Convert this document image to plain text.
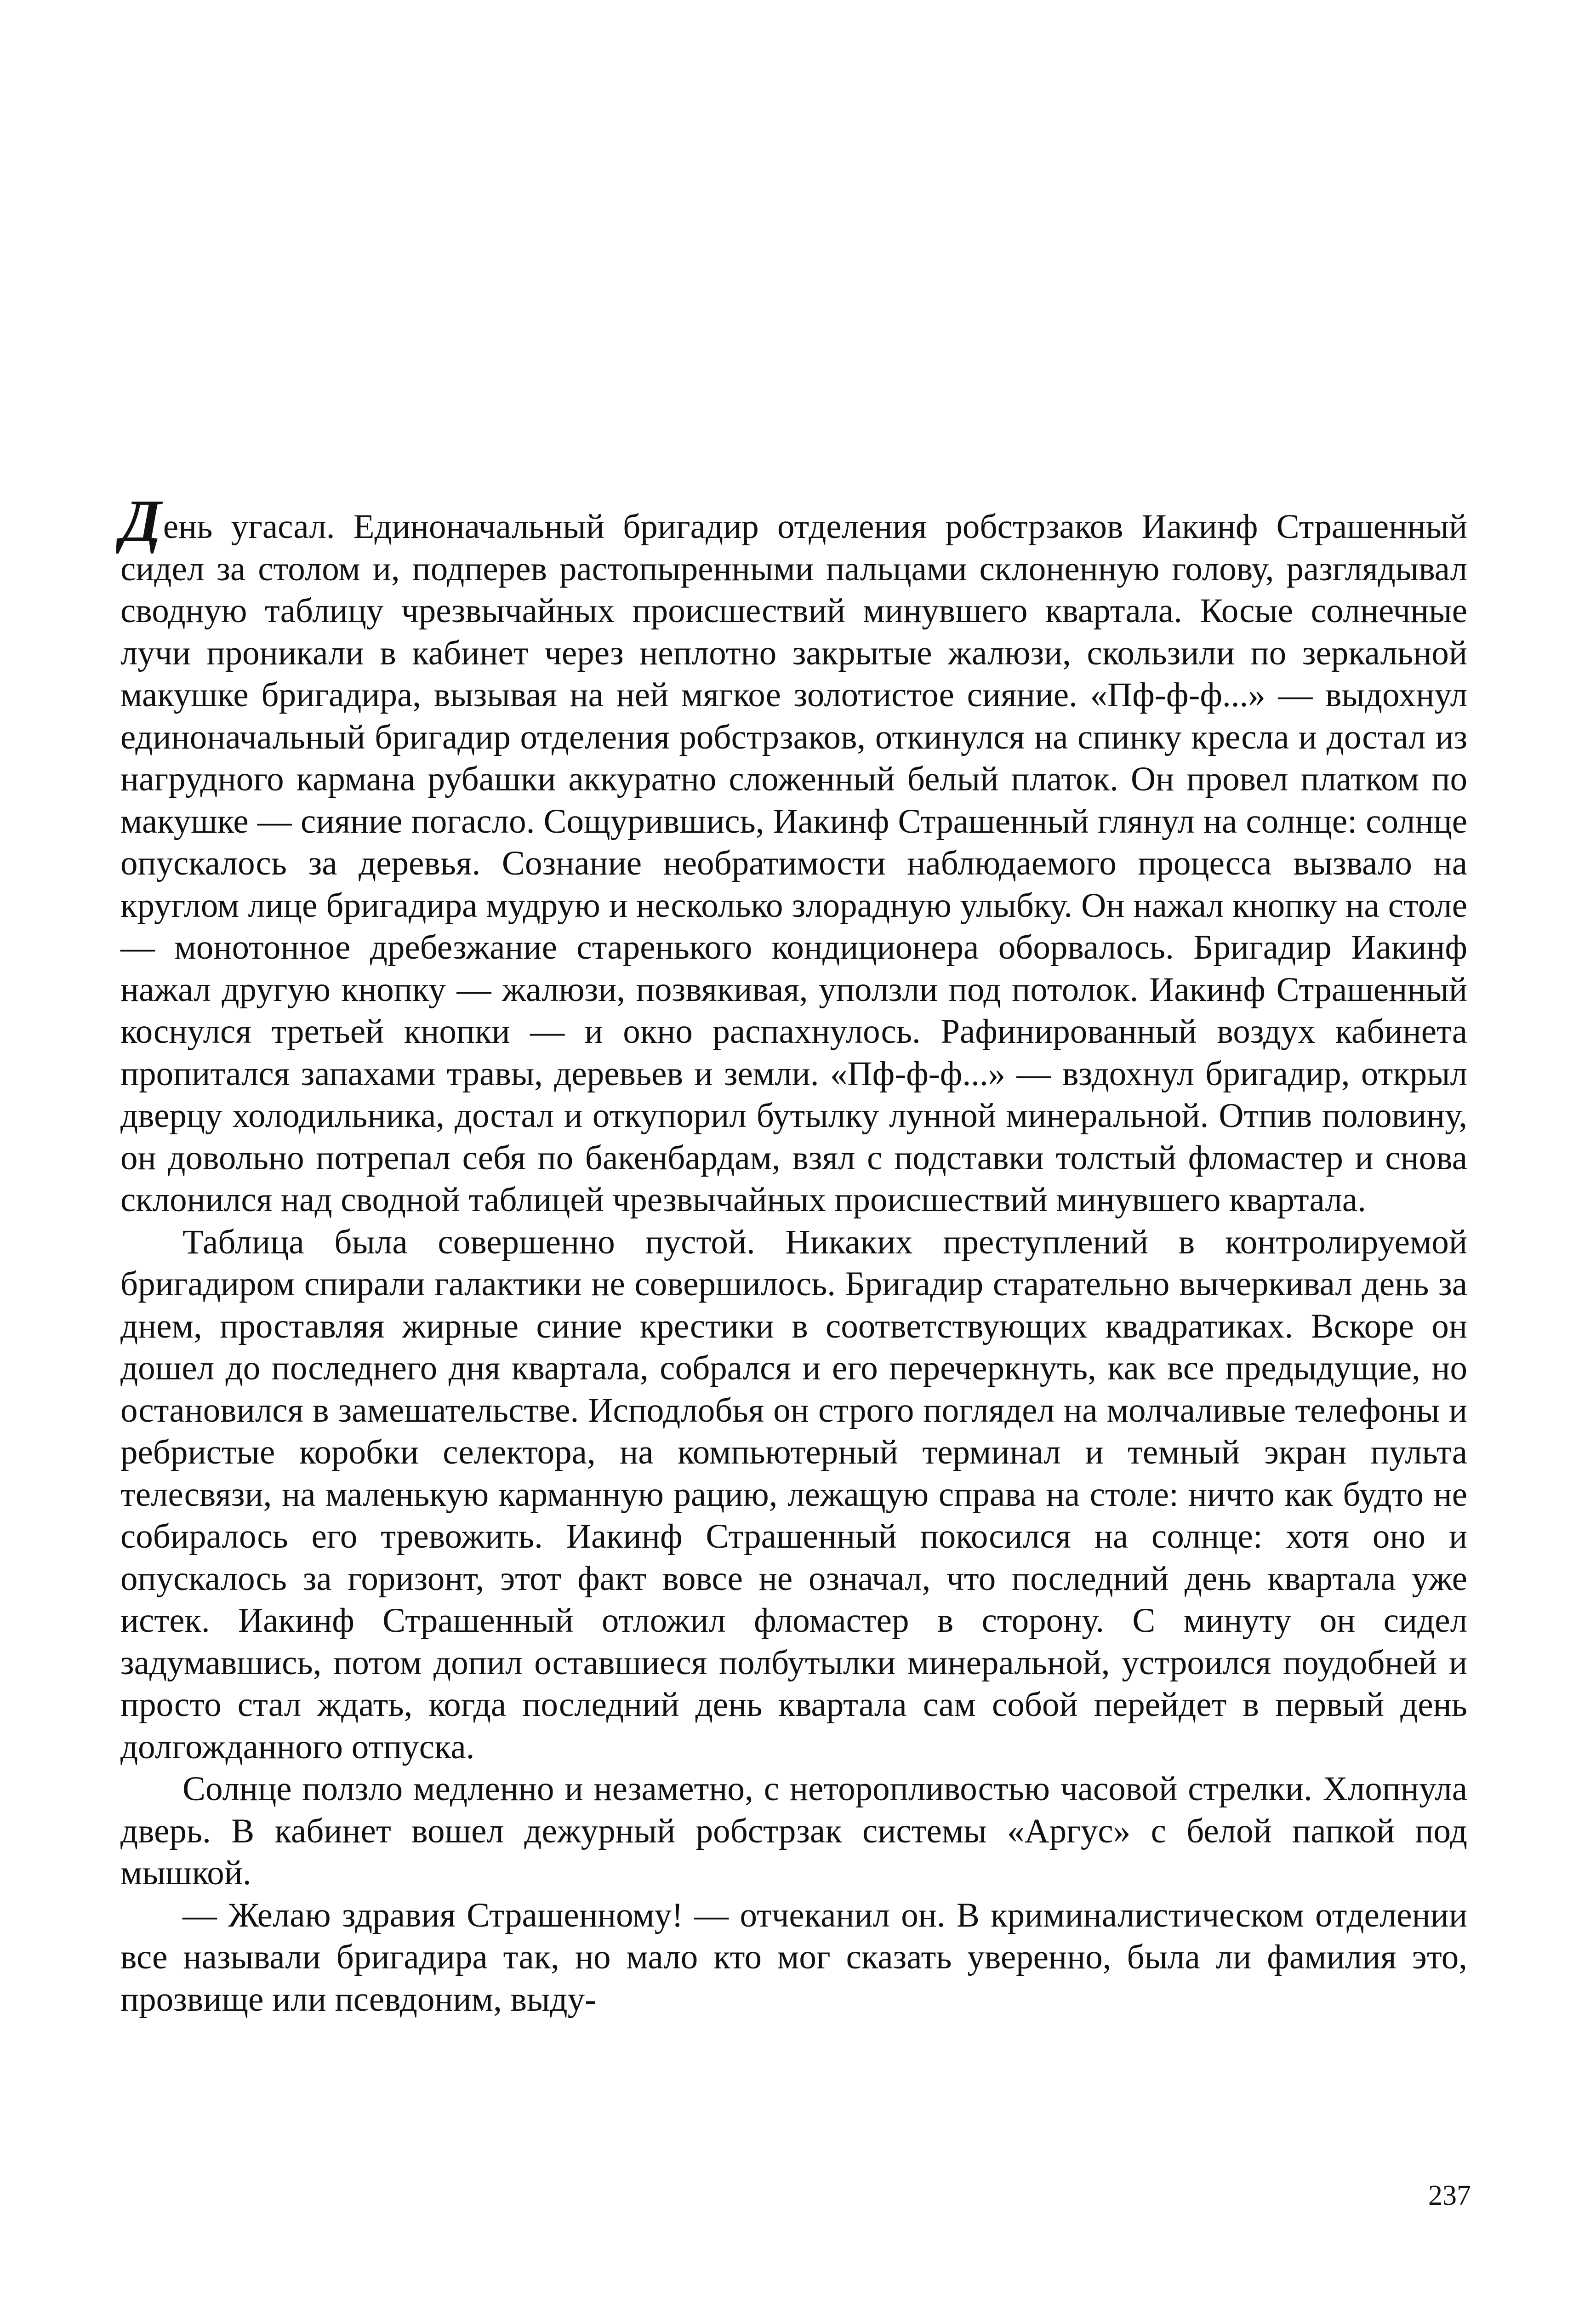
День угасал. Единоначальный бригадир отделения робстрзаков Иакинф Страшенный сидел за столом и, подперев растопыренными пальцами склоненную голову, разглядывал сводную таблицу чрезвычайных происшествий минувшего квартала. Косые солнечные лучи проникали в кабинет через неплотно закрытые жалюзи, скользили по зеркальной макушке бригадира, вызывая на ней мягкое золотистое сияние. «Пф-ф-ф...» — выдохнул единоначальный бригадир отделения робстрзаков, откинулся на спинку кресла и достал из нагрудного кармана рубашки аккуратно сложенный белый платок. Он провел платком по макушке — сияние погасло. Сощурившись, Иакинф Страшенный глянул на солнце: солнце опускалось за деревья. Сознание необратимости наблюдаемого процесса вызвало на круглом лице бригадира мудрую и несколько злорадную улыбку. Он нажал кнопку на столе — монотонное дребезжание старенького кондиционера оборвалось. Бригадир Иакинф нажал другую кнопку — жалюзи, позвякивая, уползли под потолок. Иакинф Страшенный коснулся третьей кнопки — и окно распахнулось. Рафинированный воздух кабинета пропитался запахами травы, деревьев и земли. «Пф-ф-ф...» — вздохнул бригадир, открыл дверцу холодильника, достал и откупорил бутылку лунной минеральной. Отпив половину, он довольно потрепал себя по бакенбардам, взял с подставки толстый фломастер и снова склонился над сводной таблицей чрезвычайных происшествий минувшего квартала.

Таблица была совершенно пустой. Никаких преступлений в контролируемой бригадиром спирали галактики не совершилось. Бригадир старательно вычеркивал день за днем, проставляя жирные синие крестики в соответствующих квадратиках. Вскоре он дошел до последнего дня квартала, собрался и его перечеркнуть, как все предыдущие, но остановился в замешательстве. Исподлобья он строго поглядел на молчаливые телефоны и ребристые коробки селектора, на компьютерный терминал и темный экран пульта телесвязи, на маленькую карманную рацию, лежащую справа на столе: ничто как будто не собиралось его тревожить. Иакинф Страшенный покосился на солнце: хотя оно и опускалось за горизонт, этот факт вовсе не означал, что последний день квартала уже истек. Иакинф Страшенный отложил фломастер в сторону. С минуту он сидел задумавшись, потом допил оставшиеся полбутылки минеральной, устроился поудобней и просто стал ждать, когда последний день квартала сам собой перейдет в первый день долгожданного отпуска.

Солнце ползло медленно и незаметно, с неторопливостью часовой стрелки. Хлопнула дверь. В кабинет вошел дежурный робстрзак системы «Аргус» с белой папкой под мышкой.

— Желаю здравия Страшенному! — отчеканил он. В криминалистическом отделении все называли бригадира так, но мало кто мог сказать уверенно, была ли фамилия это, прозвище или псевдоним, выду-

237
